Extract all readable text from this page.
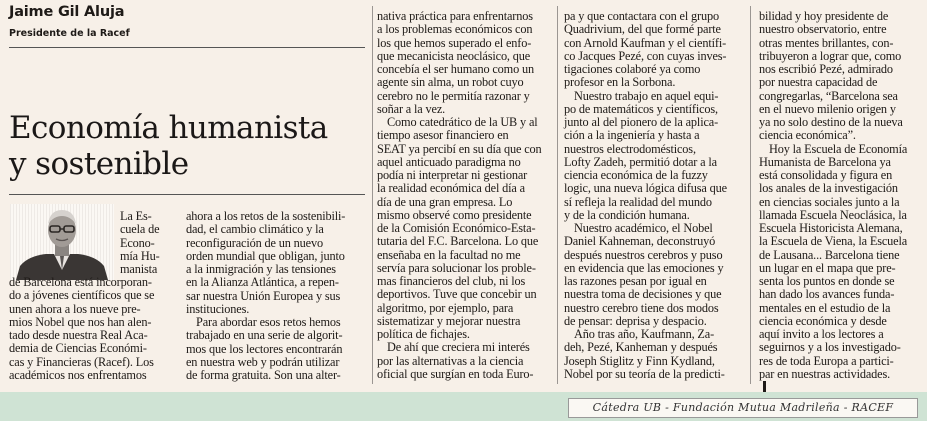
Jaime Gil Aluja
Presidente de la Racef
Economía humanista
y sostenible
La Es-
cuela de
Econo-
mía Hu-
manista
de Barcelona está incorporan-
do a jóvenes científicos que se
unen ahora a los nueve pre-
mios Nobel que nos han alen-
tado desde nuestra Real Aca-
demia de Ciencias Económi-
cas y Financieras (Racef). Los
académicos nos enfrentamos
ahora a los retos de la sostenibili-
dad, el cambio climático y la
reconfiguración de un nuevo
orden mundial que obligan, junto
a la inmigración y las tensiones
en la Alianza Atlántica, a repen-
sar nuestra Unión Europea y sus
instituciones.
Para abordar esos retos hemos
trabajado en una serie de algorit-
mos que los lectores encontrarán
en nuestra web y podrán utilizar
de forma gratuita. Son una alter-
nativa práctica para enfrentarnos
a los problemas económicos con
los que hemos superado el enfo-
que mecanicista neoclásico, que
concebía el ser humano como un
agente sin alma, un robot cuyo
cerebro no le permitía razonar y
soñar a la vez.
Como catedrático de la UB y al
tiempo asesor financiero en
SEAT ya percibí en su día que con
aquel anticuado paradigma no
podía ni interpretar ni gestionar
la realidad económica del día a
día de una gran empresa. Lo
mismo observé como presidente
de la Comisión Económico-Esta-
tutaria del F.C. Barcelona. Lo que
enseñaba en la facultad no me
servía para solucionar los proble-
mas financieros del club, ni los
deportivos. Tuve que concebir un
algoritmo, por ejemplo, para
sistematizar y mejorar nuestra
política de fichajes.
De ahí que creciera mi interés
por las alternativas a la ciencia
oficial que surgían en toda Euro-
pa y que contactara con el grupo
Quadrivium, del que formé parte
con Arnold Kaufman y el científi-
co Jacques Pezé, con cuyas inves-
tigaciones colaboré ya como
profesor en la Sorbona.
Nuestro trabajo en aquel equi-
po de matemáticos y científicos,
junto al del pionero de la aplica-
ción a la ingeniería y hasta a
nuestros electrodomésticos,
Lofty Zadeh, permitió dotar a la
ciencia económica de la fuzzy
logic, una nueva lógica difusa que
sí refleja la realidad del mundo
y de la condición humana.
Nuestro académico, el Nobel
Daniel Kahneman, deconstruyó
después nuestros cerebros y puso
en evidencia que las emociones y
las razones pesan por igual en
nuestra toma de decisiones y que
nuestro cerebro tiene dos modos
de pensar: deprisa y despacio.
Año tras año, Kaufmann, Za-
deh, Pezé, Kanheman y después
Joseph Stiglitz y Finn Kydland,
Nobel por su teoría de la predicti-
bilidad y hoy presidente de
nuestro observatorio, entre
otras mentes brillantes, con-
tribuyeron a lograr que, como
nos escribió Pezé, admirado
por nuestra capacidad de
congregarlas, “Barcelona sea
en el nuevo milenio origen y
ya no solo destino de la nueva
ciencia económica”.
Hoy la Escuela de Economía
Humanista de Barcelona ya
está consolidada y figura en
los anales de la investigación
en ciencias sociales junto a la
llamada Escuela Neoclásica, la
Escuela Historicista Alemana,
la Escuela de Viena, la Escuela
de Lausana... Barcelona tiene
un lugar en el mapa que pre-
senta los puntos en donde se
han dado los avances funda-
mentales en el estudio de la
ciencia económica y desde
aquí invito a los lectores a
seguirnos y a los investigado-
res de toda Europa a partici-
par en nuestras actividades.
Cátedra UB - Fundación Mutua Madrileña - RACEF
